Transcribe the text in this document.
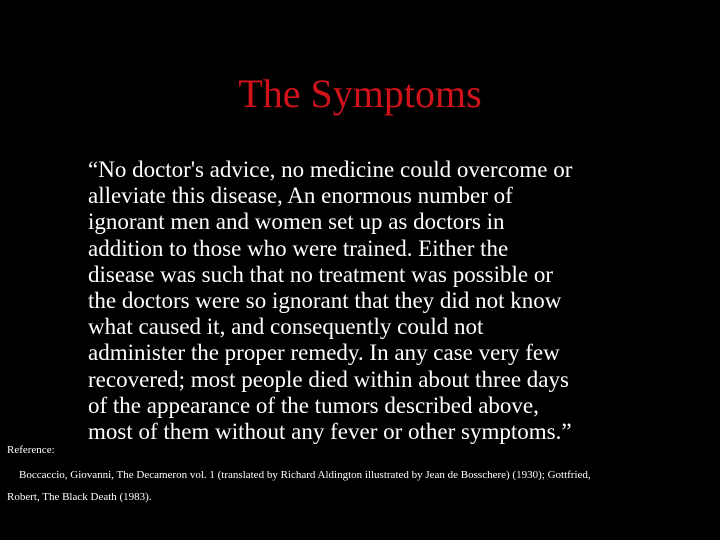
The Symptoms
“No doctor's advice, no medicine could overcome or
alleviate this disease, An enormous number of
ignorant men and women set up as doctors in
addition to those who were trained. Either the
disease was such that no treatment was possible or
the doctors were so ignorant that they did not know
what caused it, and consequently could not
administer the proper remedy. In any case very few
recovered; most people died within about three days
of the appearance of the tumors described above,
most of them without any fever or other symptoms.”
Reference:
Boccaccio, Giovanni, The Decameron vol. 1 (translated by Richard Aldington illustrated by Jean de Bosschere) (1930); Gottfried,
Robert, The Black Death (1983).
